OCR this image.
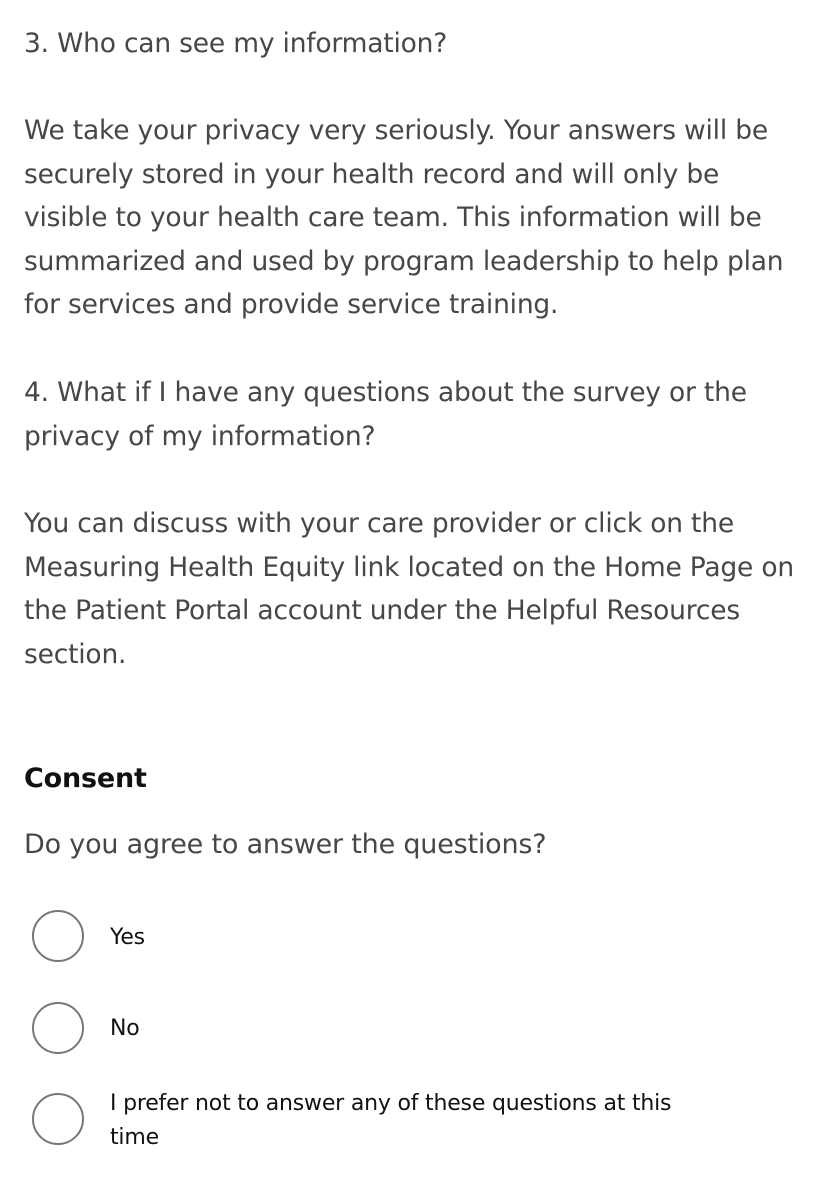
3. Who can see my information?

We take your privacy very seriously. Your answers will be securely stored in your health record and will only be visible to your health care team. This information will be summarized and used by program leadership to help plan for services and provide service training.

4. What if I have any questions about the survey or the privacy of my information?

You can discuss with your care provider or click on the Measuring Health Equity link located on the Home Page on the Patient Portal account under the Helpful Resources section.

Consent

Do you agree to answer the questions?

Yes
No
I prefer not to answer any of these questions at this time
